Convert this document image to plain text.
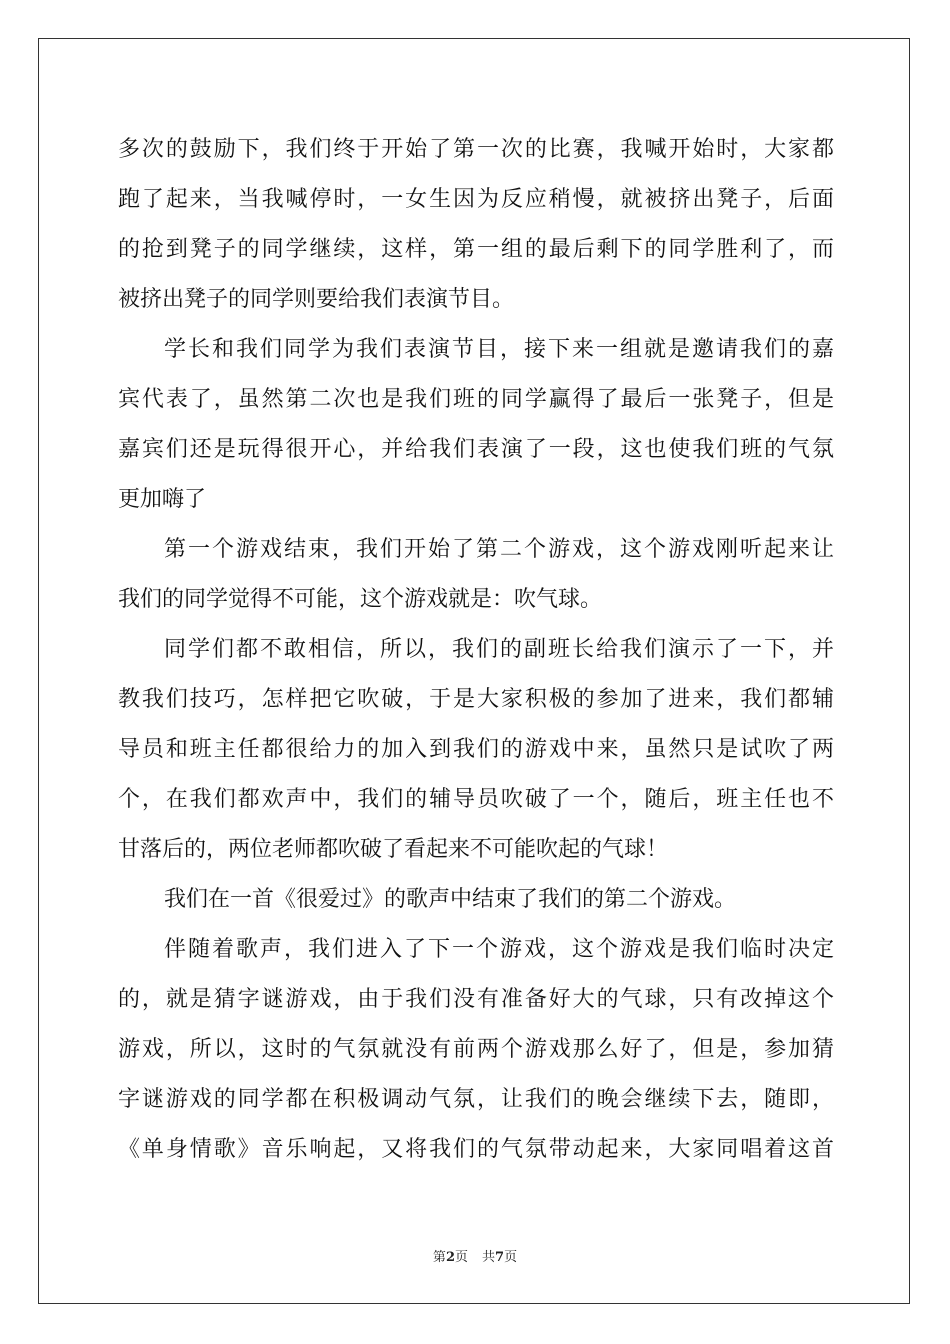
多次的鼓励下，我们终于开始了第一次的比赛，我喊开始时，大家都
跑了起来，当我喊停时，一女生因为反应稍慢，就被挤出凳子，后面
的抢到凳子的同学继续，这样，第一组的最后剩下的同学胜利了，而
被挤出凳子的同学则要给我们表演节目。
学长和我们同学为我们表演节目，接下来一组就是邀请我们的嘉
宾代表了，虽然第二次也是我们班的同学赢得了最后一张凳子，但是
嘉宾们还是玩得很开心，并给我们表演了一段，这也使我们班的气氛
更加嗨了
第一个游戏结束，我们开始了第二个游戏，这个游戏刚听起来让
我们的同学觉得不可能，这个游戏就是：吹气球。
同学们都不敢相信，所以，我们的副班长给我们演示了一下，并
教我们技巧，怎样把它吹破，于是大家积极的参加了进来，我们都辅
导员和班主任都很给力的加入到我们的游戏中来，虽然只是试吹了两
个，在我们都欢声中，我们的辅导员吹破了一个，随后，班主任也不
甘落后的，两位老师都吹破了看起来不可能吹起的气球！
我们在一首《很爱过》的歌声中结束了我们的第二个游戏。
伴随着歌声，我们进入了下一个游戏，这个游戏是我们临时决定
的，就是猜字谜游戏，由于我们没有准备好大的气球，只有改掉这个
游戏，所以，这时的气氛就没有前两个游戏那么好了，但是，参加猜
字谜游戏的同学都在积极调动气氛，让我们的晚会继续下去，随即，
《单身情歌》音乐响起，又将我们的气氛带动起来，大家同唱着这首
第2页 共7页
